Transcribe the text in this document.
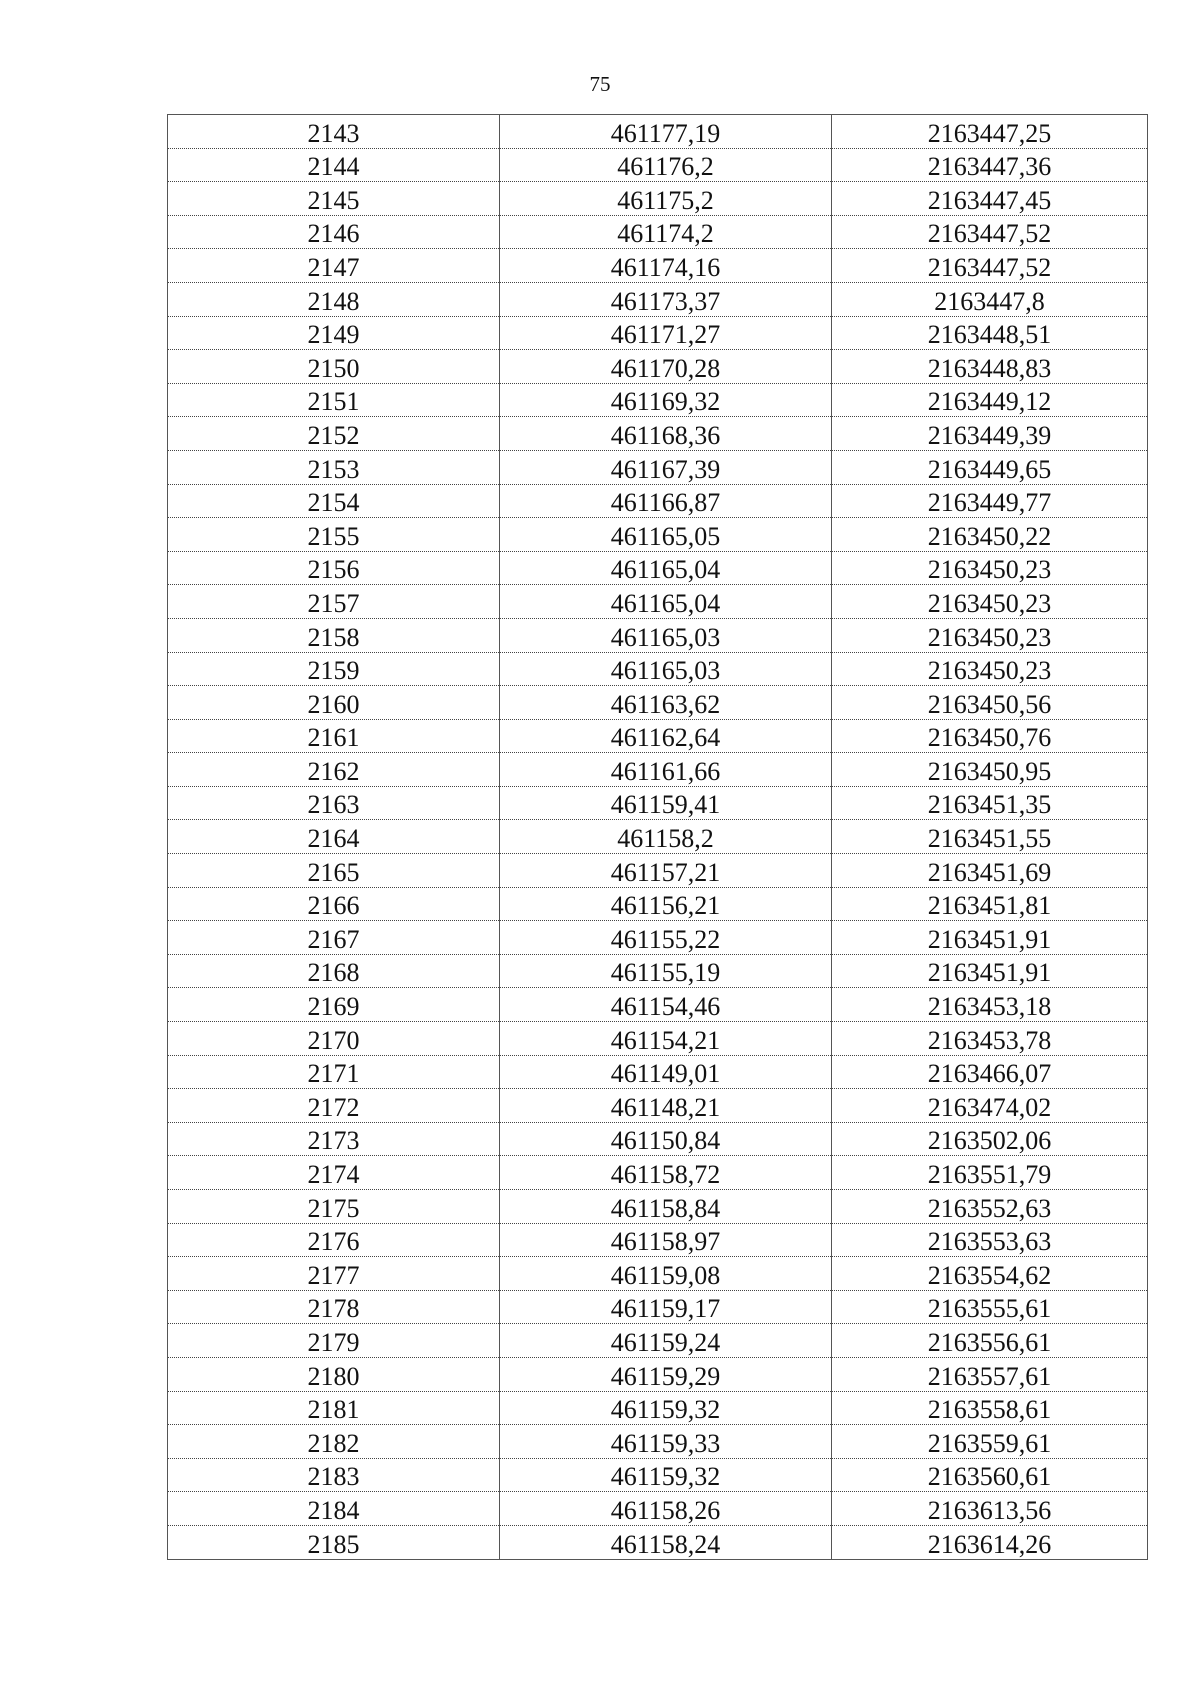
75
2143	461177,19	2163447,25
2144	461176,2	2163447,36
2145	461175,2	2163447,45
2146	461174,2	2163447,52
2147	461174,16	2163447,52
2148	461173,37	2163447,8
2149	461171,27	2163448,51
2150	461170,28	2163448,83
2151	461169,32	2163449,12
2152	461168,36	2163449,39
2153	461167,39	2163449,65
2154	461166,87	2163449,77
2155	461165,05	2163450,22
2156	461165,04	2163450,23
2157	461165,04	2163450,23
2158	461165,03	2163450,23
2159	461165,03	2163450,23
2160	461163,62	2163450,56
2161	461162,64	2163450,76
2162	461161,66	2163450,95
2163	461159,41	2163451,35
2164	461158,2	2163451,55
2165	461157,21	2163451,69
2166	461156,21	2163451,81
2167	461155,22	2163451,91
2168	461155,19	2163451,91
2169	461154,46	2163453,18
2170	461154,21	2163453,78
2171	461149,01	2163466,07
2172	461148,21	2163474,02
2173	461150,84	2163502,06
2174	461158,72	2163551,79
2175	461158,84	2163552,63
2176	461158,97	2163553,63
2177	461159,08	2163554,62
2178	461159,17	2163555,61
2179	461159,24	2163556,61
2180	461159,29	2163557,61
2181	461159,32	2163558,61
2182	461159,33	2163559,61
2183	461159,32	2163560,61
2184	461158,26	2163613,56
2185	461158,24	2163614,26
